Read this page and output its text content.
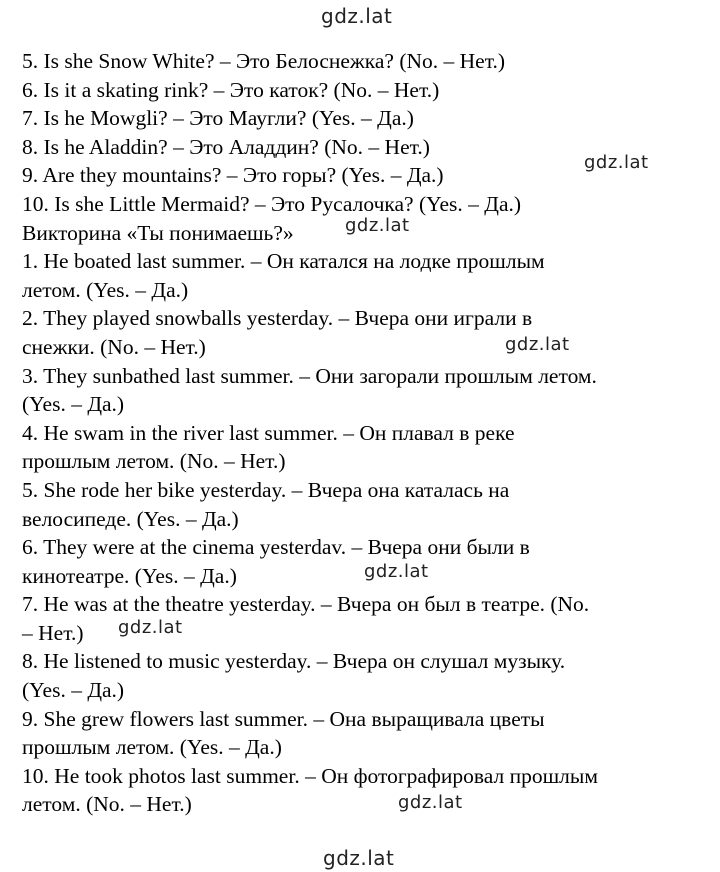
gdz.lat
5. Is she Snow White? – Это Белоснежка? (No. – Нет.)
6. Is it a skating rink? – Это каток? (No. – Нет.)
7. Is he Mowgli? – Это Маугли? (Yes. – Да.)
8. Is he Aladdin? – Это Аладдин? (No. – Нет.)
9. Are they mountains? – Это горы? (Yes. – Да.)
10. Is she Little Mermaid? – Это Русалочка? (Yes. – Да.)
Викторина «Ты понимаешь?»
1. He boated last summer. – Он катался на лодке прошлым
летом. (Yes. – Да.)
2. They played snowballs yesterday. – Вчера они играли в
снежки. (No. – Нет.)
3. They sunbathed last summer. – Они загорали прошлым летом.
(Yes. – Да.)
4. He swam in the river last summer. – Он плавал в реке
прошлым летом. (No. – Нет.)
5. She rode her bike yesterday. – Вчера она каталась на
велосипеде. (Yes. – Да.)
6. They were at the cinema yesterdav. – Вчера они были в
кинотеатре. (Yes. – Да.)
7. He was at the theatre yesterday. – Вчера он был в театре. (No.
– Нет.)
8. He listened to music yesterday. – Вчера он слушал музыку.
(Yes. – Да.)
9. She grew flowers last summer. – Она выращивала цветы
прошлым летом. (Yes. – Да.)
10. He took photos last summer. – Он фотографировал прошлым
летом. (No. – Нет.)
gdz.lat
gdz.lat
gdz.lat
gdz.lat
gdz.lat
gdz.lat
gdz.lat
